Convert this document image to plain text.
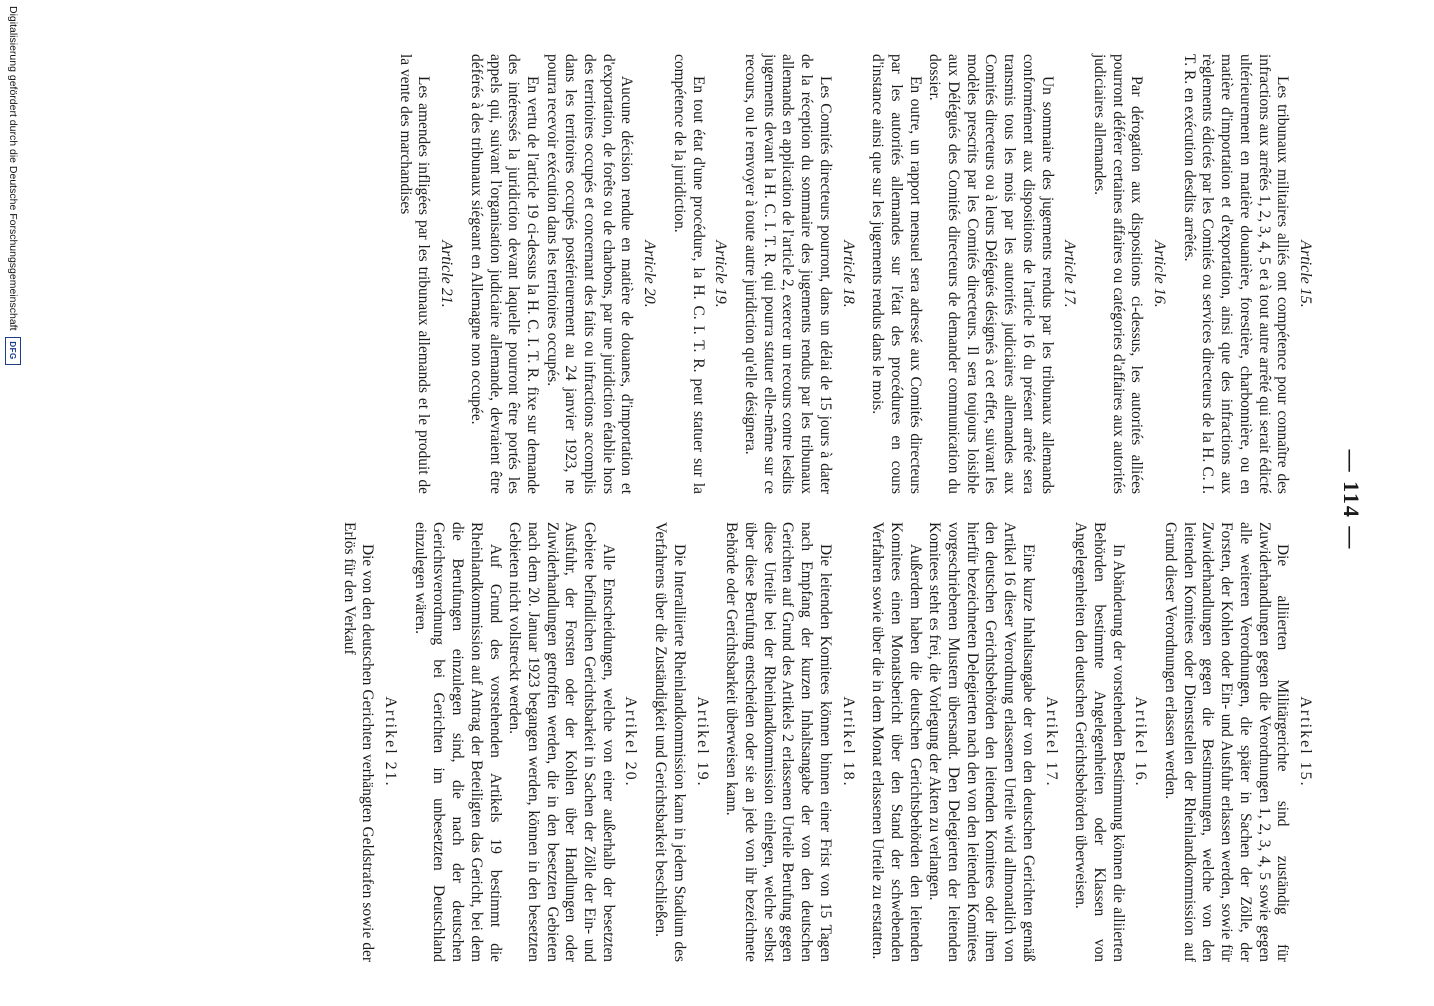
— 114 —
Article 15.

Les tribunaux militaires alliés ont compétence pour connaître des infractions aux arrêtés 1, 2, 3, 4, 5 et à tout autre arrêté qui serait édicté ultérieurement en matière douanière, forestière, charbonnière, ou en matière d'importation et d'exportation, ainsi que des infractions aux règlements édictés par les Comités ou services directeurs de la H. C. I. T. R. en exécution desdits arrêtés.

Article 16.

Par dérogation aux dispositions ci-dessus, les autorités alliées pourront déférer certaines affaires ou catégories d'affaires aux autorités judiciaires allemandes.

Article 17.

Un sommaire des jugements rendus par les tribunaux allemands conformément aux dispositions de l'article 16 du présent arrêté sera transmis tous les mois par les autorités judiciaires allemandes aux Comités directeurs ou à leurs Délégués désignés à cet effet, suivant les modèles prescrits par les Comités directeurs. Il sera toujours loisible aux Délégués des Comités directeurs de demander communication du dossier.

En outre, un rapport mensuel sera adressé aux Comités directeurs par les autorités allemandes sur l'état des procédures en cours d'instance ainsi que sur les jugements rendus dans le mois.

Article 18.

Les Comités directeurs pourront, dans un délai de 15 jours à dater de la réception du sommaire des jugements rendus par les tribunaux allemands en application de l'article 2, exercer un recours contre lesdits jugements devant la H. C. I. T. R. qui pourra statuer elle-même sur ce recours, ou le renvoyer à toute autre juridiction qu'elle désignera.

Article 19.

En tout état d'une procédure, la H. C. I. T. R. peut statuer sur la compétence de la juridiction.

Article 20.

Aucune décision rendue en matière de douanes, d'importation et d'exportation, de forêts ou de charbons, par une juridiction établie hors des territoires occupés et concernant des faits ou infractions accomplis dans les territoires occupés postérieurement au 24 janvier 1923, ne pourra recevoir exécution dans les territoires occupés.

En vertu de l'article 19 ci-dessus la H. C. I. T. R. fixe sur demande des intéressés la juridiction devant laquelle pourront être portés les appels qui, suivant l'organisation judiciaire allemande, devraient être déférés à des tribunaux siégeant en Allemagne non occupée.

Article 21.

Les amendes infligées par les tribunaux allemands et le produit de la vente des marchandises

Artikel 15.

Die alliierten Militärgerichte sind zuständig für Zuwiderhandlungen gegen die Verordnungen 1, 2, 3, 4, 5 sowie gegen alle weiteren Verordnungen, die später in Sachen der Zölle, der Forsten, der Kohlen oder Ein- und Ausfuhr erlassen werden, sowie für Zuwiderhandlungen gegen die Bestimmungen, welche von den leitenden Komitees oder Dienststellen der Rheinlandkommission auf Grund dieser Verordnungen erlassen werden.

Artikel 16.

In Abänderung der vorstehenden Bestimmung können die alliierten Behörden bestimmte Angelegenheiten oder Klassen von Angelegenheiten den deutschen Gerichtsbehörden überweisen.

Artikel 17.

Eine kurze Inhaltsangabe der von den deutschen Gerichten gemäß Artikel 16 dieser Verordnung erlassenen Urteile wird allmonatlich von den deutschen Gerichtsbehörden den leitenden Komitees oder ihren hierfür bezeichneten Delegierten nach den von den leitenden Komitees vorgeschriebenen Mustern übersandt. Den Delegierten der leitenden Komitees steht es frei, die Vorlegung der Akten zu verlangen.

Außerdem haben die deutschen Gerichtsbehörden den leitenden Komitees einen Monatsbericht über den Stand der schwebenden Verfahren sowie über die in dem Monat erlassenen Urteile zu erstatten.

Artikel 18.

Die leitenden Komitees können binnen einer Frist von 15 Tagen nach Empfang der kurzen Inhaltsangabe der von den deutschen Gerichten auf Grund des Artikels 2 erlassenen Urteile Berufung gegen diese Urteile bei der Rheinlandkommission einlegen, welche selbst über diese Berufung entscheiden oder sie an jede von ihr bezeichnete Behörde oder Gerichtsbarkeit überweisen kann.

Artikel 19.

Die Interalliierte Rheinlandkommission kann in jedem Stadium des Verfahrens über die Zuständigkeit und Gerichtsbarkeit beschließen.

Artikel 20.

Alle Entscheidungen, welche von einer außerhalb der besetzten Gebiete befindlichen Gerichtsbarkeit in Sachen der Zölle der Ein- und Ausfuhr, der Forsten oder der Kohlen über Handlungen oder Zuwiderhandlungen getroffen werden, die in den besetzten Gebieten nach dem 20. Januar 1923 begangen werden, können in den besetzten Gebieten nicht vollstreckt werden.

Auf Grund des vorstehenden Artikels 19 bestimmt die Rheinlandkommission auf Antrag der Beteiligten das Gericht, bei dem die Berufungen einzulegen sind, die nach der deutschen Gerichtsverordnung bei Gerichten im unbesetzten Deutschland einzulegen wären.

Artikel 21.

Die von den deutschen Gerichten verhängten Geldstrafen sowie der Erlös für den Verkauf

Digitalisierung gefördert durch die Deutsche Forschungsgemeinschaft
DFG
